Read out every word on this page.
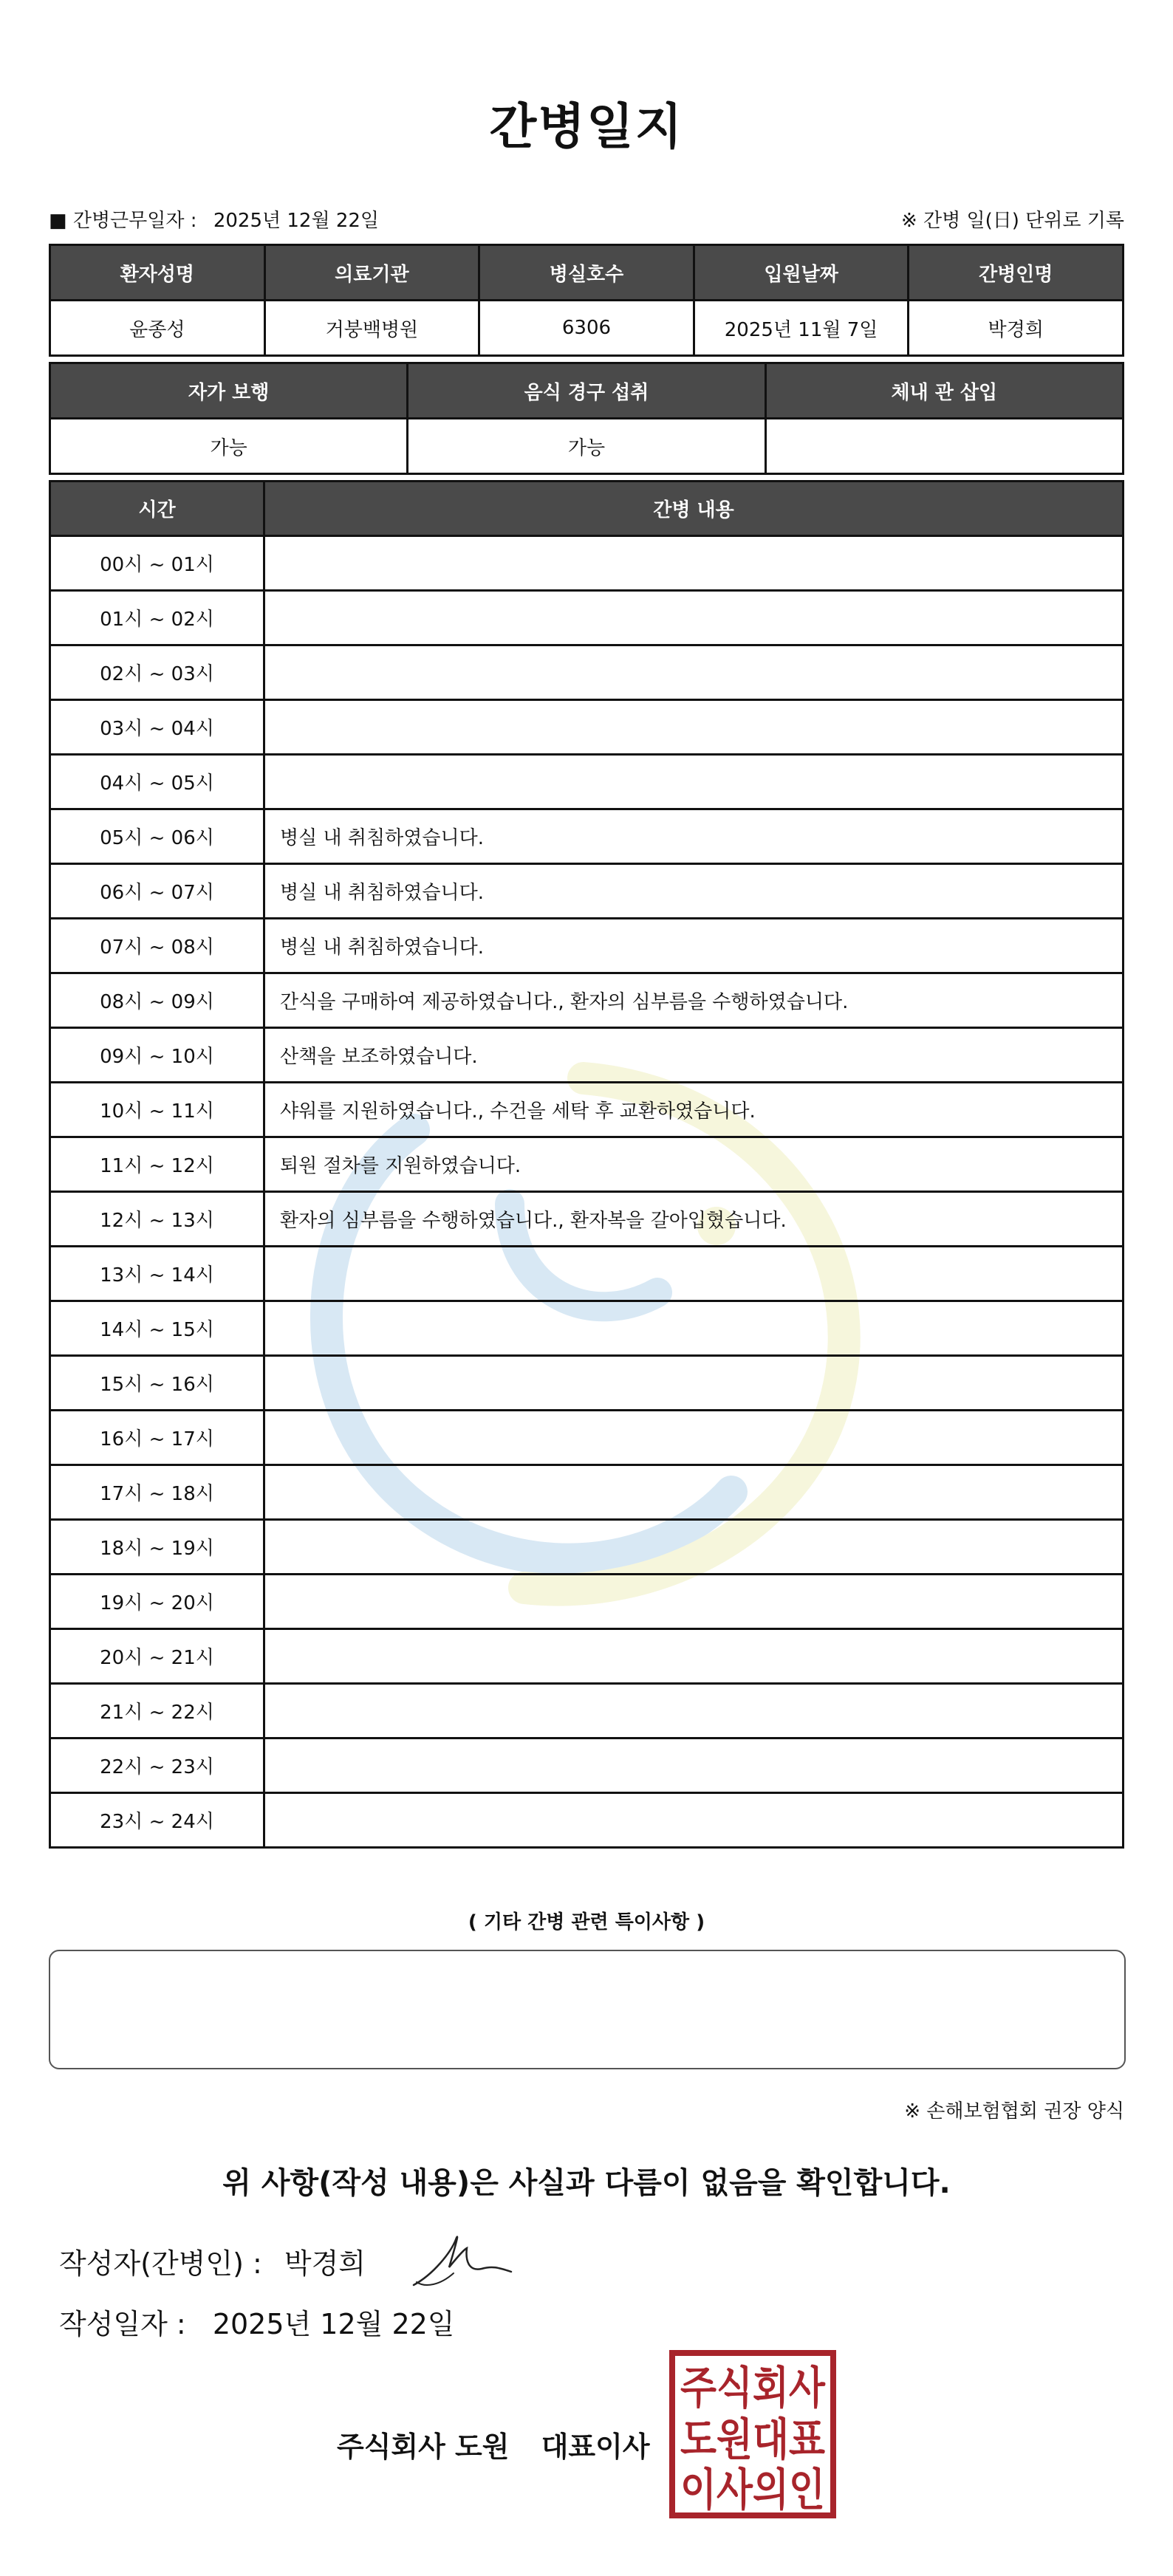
간병일지
■ 간병근무일자 : 2025년 12월 22일	※ 간병 일(日) 단위로 기록
환자성명	의료기관	병실호수	입원날짜	간병인명
윤종성	거붕백병원	6306	2025년 11월 7일	박경희
자가 보행	음식 경구 섭취	체내 관 삽입
가능	가능	
시간	간병 내용
00시 ~ 01시	
01시 ~ 02시	
02시 ~ 03시	
03시 ~ 04시	
04시 ~ 05시	
05시 ~ 06시	병실 내 취침하였습니다.
06시 ~ 07시	병실 내 취침하였습니다.
07시 ~ 08시	병실 내 취침하였습니다.
08시 ~ 09시	간식을 구매하여 제공하였습니다., 환자의 심부름을 수행하였습니다.
09시 ~ 10시	산책을 보조하였습니다.
10시 ~ 11시	샤워를 지원하였습니다., 수건을 세탁 후 교환하였습니다.
11시 ~ 12시	퇴원 절차를 지원하였습니다.
12시 ~ 13시	환자의 심부름을 수행하였습니다., 환자복을 갈아입혔습니다.
13시 ~ 14시	
14시 ~ 15시	
15시 ~ 16시	
16시 ~ 17시	
17시 ~ 18시	
18시 ~ 19시	
19시 ~ 20시	
20시 ~ 21시	
21시 ~ 22시	
22시 ~ 23시	
23시 ~ 24시	
( 기타 간병 관련 특이사항 )
※ 손해보험협회 권장 양식
위 사항(작성 내용)은 사실과 다름이 없음을 확인합니다.
작성자(간병인) : 박경희
작성일자 : 2025년 12월 22일
주식회사 도원 대표이사
주식회사
도원대표
이사의인
